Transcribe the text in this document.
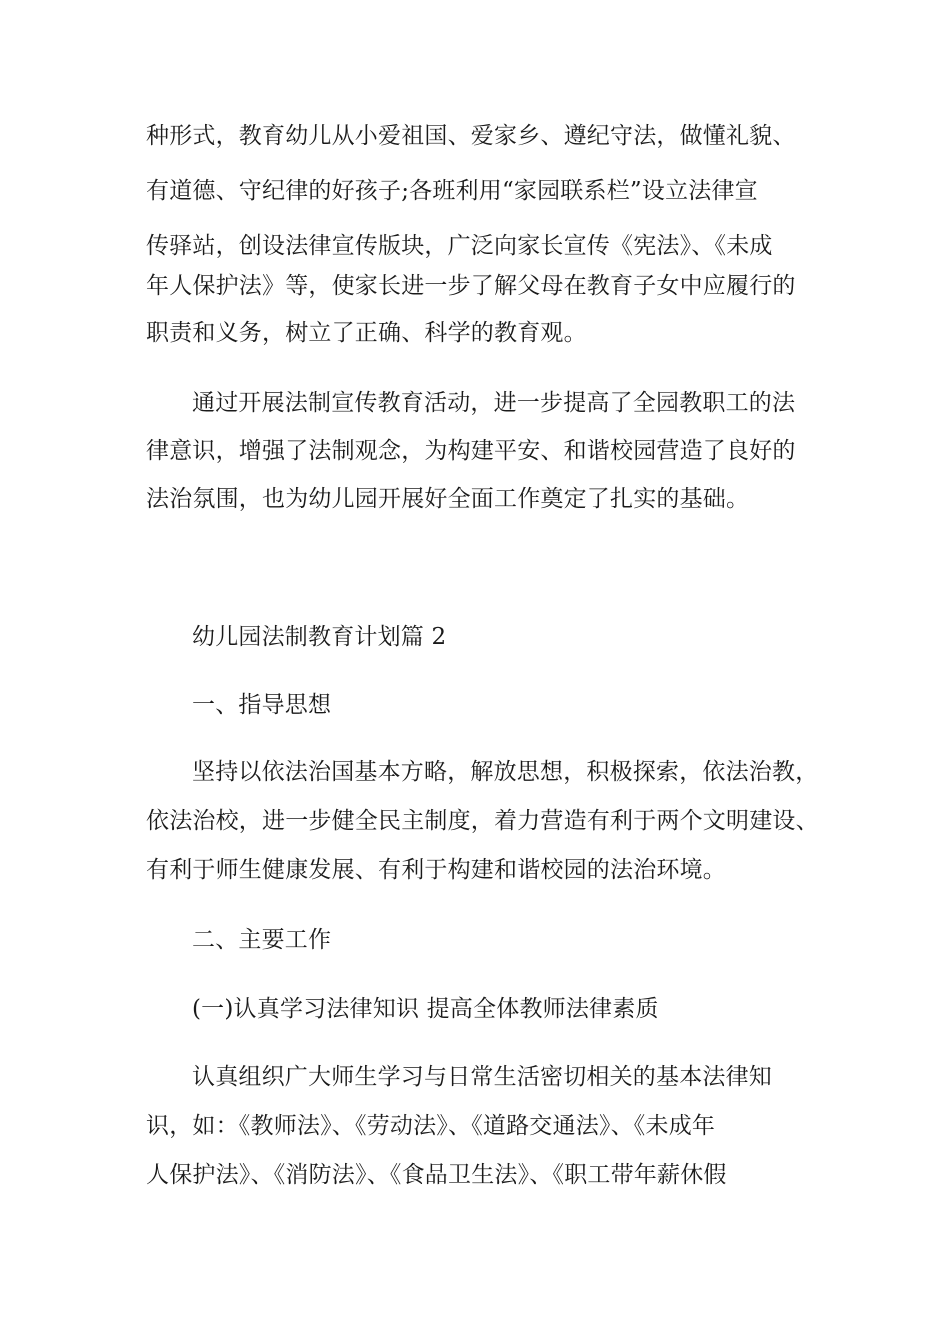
种形式，教育幼儿从小爱祖国、爱家乡、遵纪守法，做懂礼貌、
有道德、守纪律的好孩子;各班利用“家园联系栏”设立法律宣
传驿站，创设法律宣传版块，广泛向家长宣传《宪法》、《未成
年人保护法》等，使家长进一步了解父母在教育子女中应履行的
职责和义务，树立了正确、科学的教育观。
通过开展法制宣传教育活动，进一步提高了全园教职工的法
律意识，增强了法制观念，为构建平安、和谐校园营造了良好的
法治氛围，也为幼儿园开展好全面工作奠定了扎实的基础。
幼儿园法制教育计划篇 2
一、指导思想
坚持以依法治国基本方略，解放思想，积极探索，依法治教，
依法治校，进一步健全民主制度，着力营造有利于两个文明建设、
有利于师生健康发展、有利于构建和谐校园的法治环境。
二、主要工作
(一)认真学习法律知识 提高全体教师法律素质
认真组织广大师生学习与日常生活密切相关的基本法律知
识，如：《教师法》、《劳动法》、《道路交通法》、《未成年
人保护法》、《消防法》、《食品卫生法》、《职工带年薪休假
